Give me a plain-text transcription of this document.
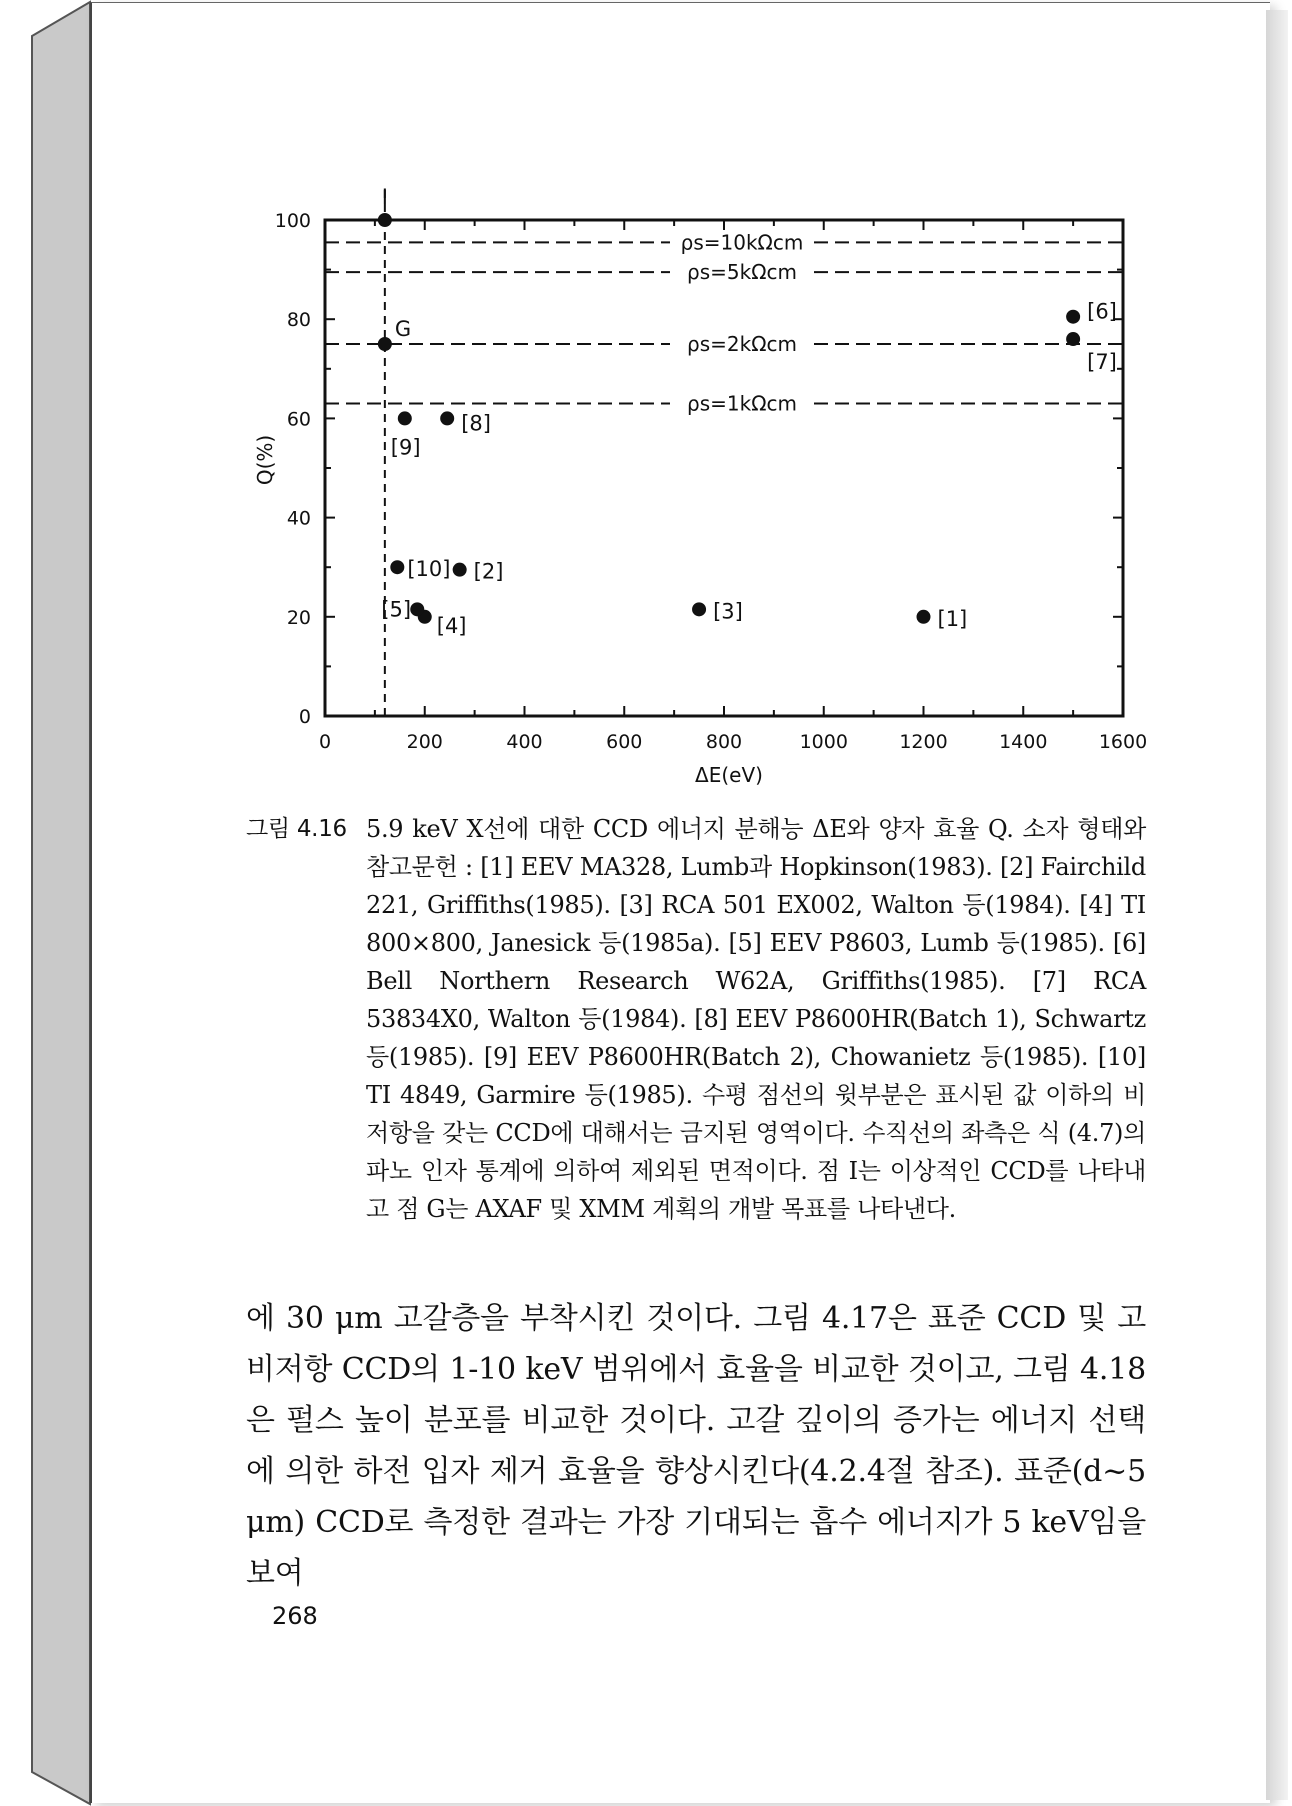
ρs=10kΩcm
ρs=5kΩcm
ρs=2kΩcm
ρs=1kΩcm
0	200	400	600	800	1000	1200	1400	1600
0
20
40
60
80
100
I
G
[1]
[2]
[3]
[4]
[5]
[6]
[7]
[8]
[9]
[10]
ΔE(eV)
Q(%)
그림 4.16 5.9 keV X선에 대한 CCD 에너지 분해능 ΔE와 양자 효율 Q. 소자 형태와 참고문헌 : [1] EEV MA328, Lumb과 Hopkinson(1983). [2] Fairchild 221, Griffiths(1985). [3] RCA 501 EX002, Walton 등(1984). [4] TI 800×800, Janesick 등(1985a). [5] EEV P8603, Lumb 등(1985). [6] Bell Northern Research W62A, Griffiths(1985). [7] RCA 53834X0, Walton 등(1984). [8] EEV P8600HR(Batch 1), Schwartz 등(1985). [9] EEV P8600HR(Batch 2), Chowanietz 등(1985). [10] TI 4849, Garmire 등(1985). 수평 점선의 윗부분은 표시된 값 이하의 비저항을 갖는 CCD에 대해서는 금지된 영역이다. 수직선의 좌측은 식 (4.7)의 파노 인자 통계에 의하여 제외된 면적이다. 점 I는 이상적인 CCD를 나타내고 점 G는 AXAF 및 XMM 계획의 개발 목표를 나타낸다.
에 30 μm 고갈층을 부착시킨 것이다. 그림 4.17은 표준 CCD 및 고비저항 CCD의 1-10 keV 범위에서 효율을 비교한 것이고, 그림 4.18은 펄스 높이 분포를 비교한 것이다. 고갈 깊이의 증가는 에너지 선택에 의한 하전 입자 제거 효율을 향상시킨다(4.2.4절 참조). 표준(d~5 μm) CCD로 측정한 결과는 가장 기대되는 흡수 에너지가 5 keV임을 보여
268
